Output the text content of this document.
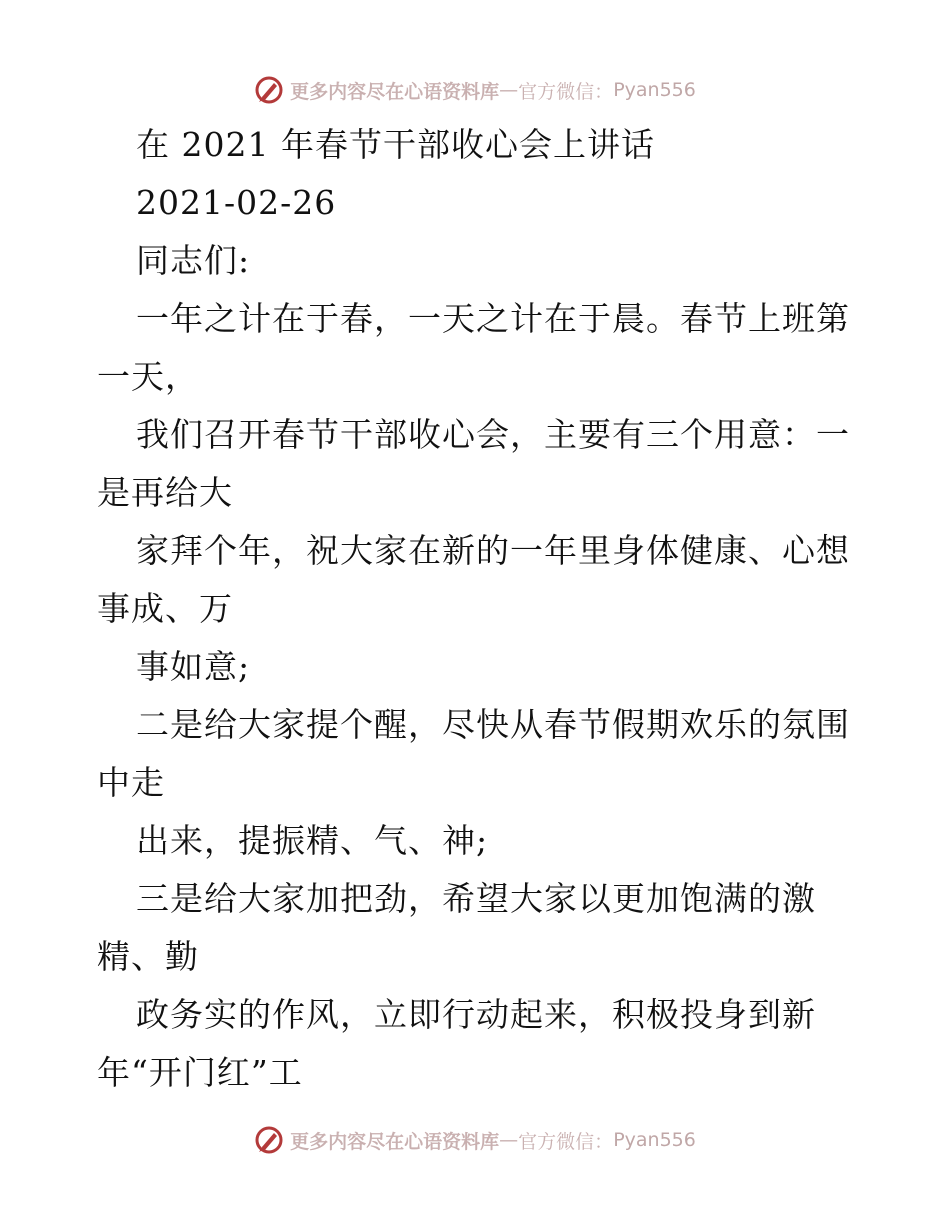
更多内容尽在心语资料库 — 官方微信： Pyan556
在 2021 年春节干部收心会上讲话
2021-02-26
同志们:
一年之计在于春，一天之计在于晨。春节上班第
一天，
我们召开春节干部收心会，主要有三个用意：一
是再给大
家拜个年，祝大家在新的一年里身体健康、心想
事成、万
事如意;
二是给大家提个醒，尽快从春节假期欢乐的氛围
中走
出来，提振精、气、神;
三是给大家加把劲，希望大家以更加饱满的激
精、勤
政务实的作风，立即行动起来，积极投身到新
年“开门红”工
更多内容尽在心语资料库 — 官方微信： Pyan556
